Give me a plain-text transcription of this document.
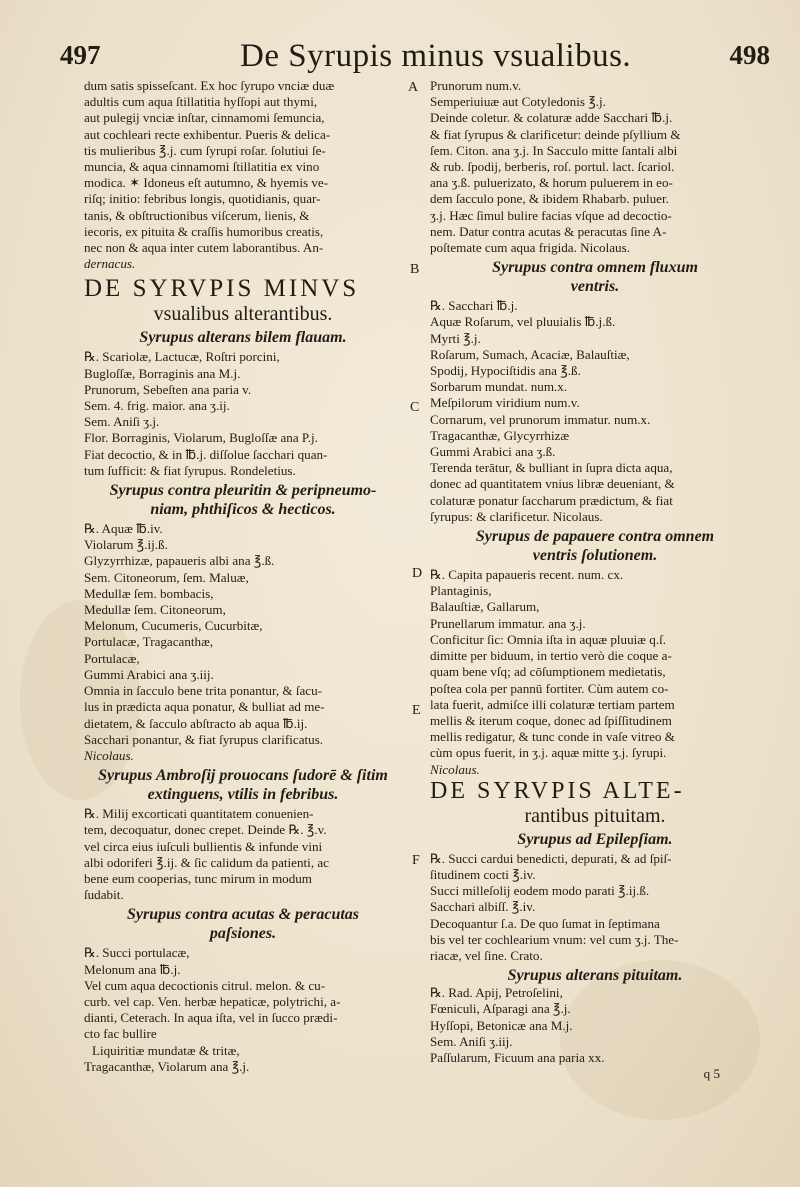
497	De Syrupis minus vsualibus.	498
A
B
C
D
E
F

dum satis spisseſcant. Ex hoc ſyrupo vnciæ duæ

adultis cum aqua ſtillatitia hyſſopi aut thymi,

aut pulegij vnciæ inſtar, cinnamomi ſemuncia,

aut cochleari recte exhibentur. Pueris & delica-

tis mulieribus ℥.j. cum ſyrupi roſar. ſolutiui ſe-

muncia, & aqua cinnamomi ſtillatitia ex vino

modica. ✶ Idoneus eſt autumno, & hyemis ve-

riſq; initio: febribus longis, quotidianis, quar-

tanis, & obſtructionibus viſcerum, lienis, &

iecoris, ex pituita & craſſis humoribus creatis,

nec non & aqua inter cutem laborantibus. An-

dernacus.

DE SYRVPIS MINVS

vsualibus alterantibus.

Syrupus alterans bilem flauam.

℞. Scariolæ, Lactucæ, Roſtri porcini,

Bugloſſæ, Borraginis ana M.j.

Prunorum, Sebeſten ana paria v.

Sem. 4. frig. maior. ana ʒ.ij.

Sem. Aniſi ʒ.j.

Flor. Borraginis, Violarum, Bugloſſæ ana P.j.

Fiat decoctio, & in ℔.j. diſſolue ſacchari quan-

tum ſufficit: & fiat ſyrupus. Rondeletius.

Syrupus contra pleuritin & peripneumo-

niam, phthiſicos & hecticos.

℞. Aquæ ℔.iv.

Violarum ℥.ij.ß.

Glyzyrrhizæ, papaueris albi ana ℥.ß.

Sem. Citoneorum, ſem. Maluæ,

Medullæ ſem. bombacis,

Medullæ ſem. Citoneorum,

Melonum, Cucumeris, Cucurbitæ,

Portulacæ, Tragacanthæ,

Portulacæ,

Gummi Arabici ana ʒ.iij.

Omnia in ſacculo bene trita ponantur, & ſacu-

lus in prædicta aqua ponatur, & bulliat ad me-

dietatem, & ſacculo abſtracto ab aqua ℔.ij.

Sacchari ponantur, & fiat ſyrupus clarificatus.

Nicolaus.

Syrupus Ambroſij prouocans ſudorē & ſitim

extinguens, vtilis in febribus.

℞. Milij excorticati quantitatem conuenien-

tem, decoquatur, donec crepet. Deinde ℞. ℥.v.

vel circa eius iuſculi bullientis & infunde vini

albi odoriferi ℥.ij. & ſic calidum da patienti, ac

bene eum cooperias, tunc mirum in modum

ſudabit.

Syrupus contra acutas & peracutas

paſsiones.

℞. Succi portulacæ,

Melonum ana ℔.j.

Vel cum aqua decoctionis citrul. melon. & cu-

curb. vel cap. Ven. herbæ hepaticæ, polytrichi, a-

dianti, Ceterach. In aqua iſta, vel in ſucco prædi-

cto fac bullire

Liquiritiæ mundatæ & tritæ,

Tragacanthæ, Violarum ana ℥.j.

Prunorum num.v.

Semperiuiuæ aut Cotyledonis ℥.j.

Deinde coletur. & colaturæ adde Sacchari ℔.j.

& fiat ſyrupus & clarificetur: deinde pſyllium &

ſem. Citon. ana ʒ.j. In Sacculo mitte ſantali albi

& rub. ſpodij, berberis, roſ. portul. lact. ſcariol.

ana ʒ.ß. puluerizato, & horum puluerem in eo-

dem ſacculo pone, & ibidem Rhabarb. puluer.

ʒ.j. Hæc ſimul bulire facias vſque ad decoctio-

nem. Datur contra acutas & peracutas ſine A-

poſtemate cum aqua frigida. Nicolaus.

Syrupus contra omnem fluxum

ventris.

℞. Sacchari ℔.j.

Aquæ Roſarum, vel pluuialis ℔.j.ß.

Myrti ℥.j.

Roſarum, Sumach, Acaciæ, Balauſtiæ,

Spodij, Hypociſtidis ana ℥.ß.

Sorbarum mundat. num.x.

Meſpilorum viridium num.v.

Cornarum, vel prunorum immatur. num.x.

Tragacanthæ, Glycyrrhizæ

Gummi Arabici ana ʒ.ß.

Terenda terātur, & bulliant in ſupra dicta aqua,

donec ad quantitatem vnius libræ deueniant, &

colaturæ ponatur ſaccharum prædictum, & fiat

ſyrupus: & clarificetur. Nicolaus.

Syrupus de papauere contra omnem

ventris ſolutionem.

℞. Capita papaueris recent. num. cx.

Plantaginis,

Balauſtiæ, Gallarum,

Prunellarum immatur. ana ʒ.j.

Conficitur ſic: Omnia iſta in aquæ pluuiæ q.ſ.

dimitte per biduum, in tertio verò die coque a-

quam bene vſq; ad cōſumptionem medietatis,

poſtea cola per pannū fortiter. Cùm autem co-

lata fuerit, admiſce illi colaturæ tertiam partem

mellis & iterum coque, donec ad ſpiſſitudinem

mellis redigatur, & tunc conde in vaſe vitreo &

cùm opus fuerit, in ʒ.j. aquæ mitte ʒ.j. ſyrupi.

Nicolaus.

DE SYRVPIS ALTE-

rantibus pituitam.

Syrupus ad Epilepſiam.

℞. Succi cardui benedicti, depurati, & ad ſpiſ-

ſitudinem cocti ℥.iv.

Succi milleſolij eodem modo parati ℥.ij.ß.

Sacchari albiſſ. ℥.iv.

Decoquantur ſ.a. De quo ſumat in ſeptimana

bis vel ter cochlearium vnum: vel cum ʒ.j. The-

riacæ, vel ſine. Crato.

Syrupus alterans pituitam.

℞. Rad. Apij, Petroſelini,

Fœniculi, Aſparagi ana ℥.j.

Hyſſopi, Betonicæ ana M.j.

Sem. Aniſi ʒ.iij.

Paſſularum, Ficuum ana paria xx.

q 5
